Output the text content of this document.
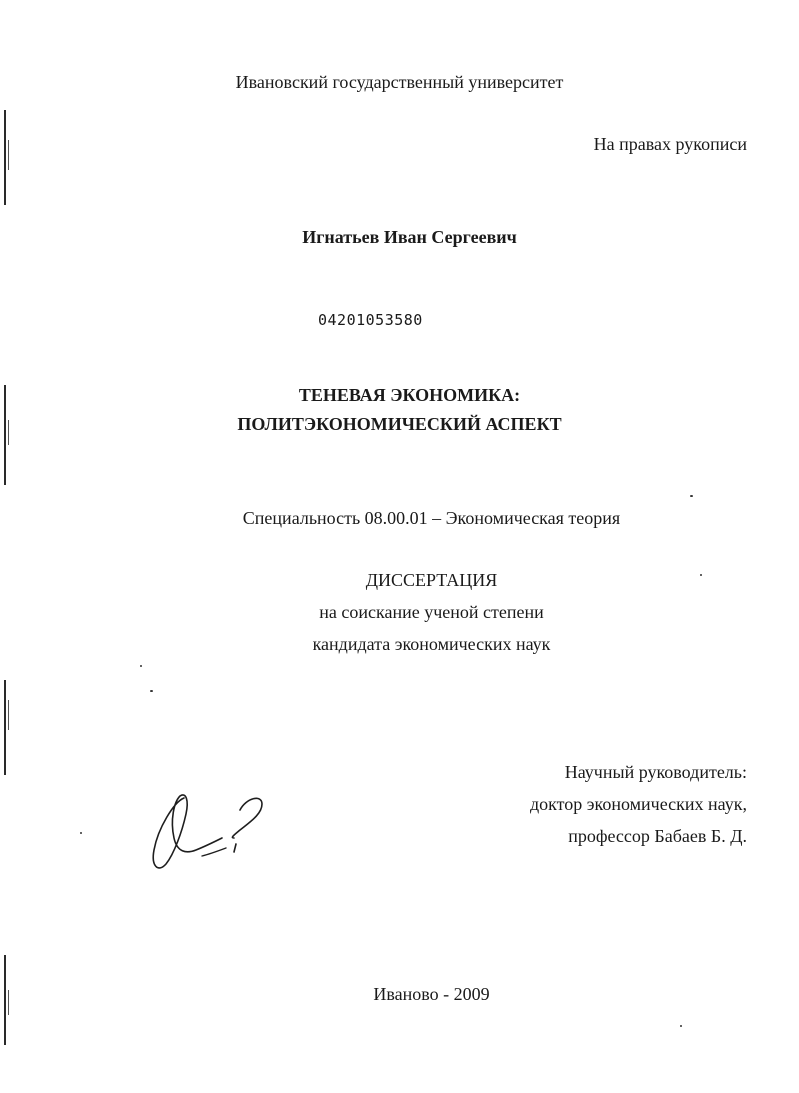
Ивановский государственный университет
На правах рукописи
Игнатьев Иван Сергеевич
04201053580
ТЕНЕВАЯ ЭКОНОМИКА:
ПОЛИТЭКОНОМИЧЕСКИЙ АСПЕКТ
Специальность 08.00.01 – Экономическая теория
ДИССЕРТАЦИЯ
на соискание ученой степени
кандидата экономических наук
Научный руководитель:
доктор экономических наук,
профессор Бабаев Б. Д.
Иваново - 2009
